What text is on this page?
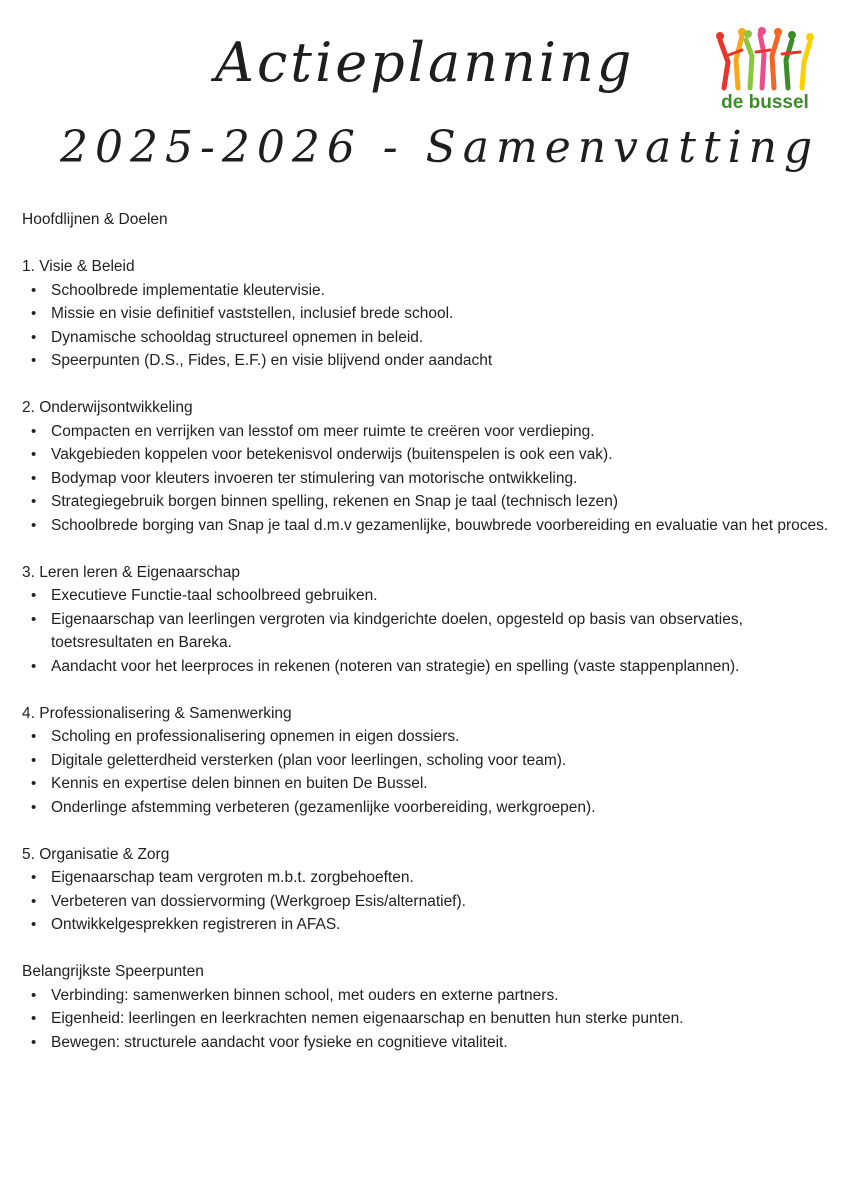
Actieplanning
2025-2026 - Samenvatting
de bussel

Hoofdlijnen & Doelen

1. Visie & Beleid

• Schoolbrede implementatie kleutervisie.
• Missie en visie definitief vaststellen, inclusief brede school.
• Dynamische schooldag structureel opnemen in beleid.
• Speerpunten (D.S., Fides, E.F.) en visie blijvend onder aandacht

2. Onderwijsontwikkeling

• Compacten en verrijken van lesstof om meer ruimte te creëren voor verdieping.
• Vakgebieden koppelen voor betekenisvol onderwijs (buitenspelen is ook een vak).
• Bodymap voor kleuters invoeren ter stimulering van motorische ontwikkeling.
• Strategiegebruik borgen binnen spelling, rekenen en Snap je taal (technisch lezen)
• Schoolbrede borging van Snap je taal d.m.v gezamenlijke, bouwbrede voorbereiding en evaluatie van het proces.

3. Leren leren & Eigenaarschap

• Executieve Functie-taal schoolbreed gebruiken.
• Eigenaarschap van leerlingen vergroten via kindgerichte doelen, opgesteld op basis van observaties, toetsresultaten en Bareka.
• Aandacht voor het leerproces in rekenen (noteren van strategie) en spelling (vaste stappenplannen).

4. Professionalisering & Samenwerking

• Scholing en professionalisering opnemen in eigen dossiers.
• Digitale geletterdheid versterken (plan voor leerlingen, scholing voor team).
• Kennis en expertise delen binnen en buiten De Bussel.
• Onderlinge afstemming verbeteren (gezamenlijke voorbereiding, werkgroepen).

5. Organisatie & Zorg

• Eigenaarschap team vergroten m.b.t. zorgbehoeften.
• Verbeteren van dossiervorming (Werkgroep Esis/alternatief).
• Ontwikkelgesprekken registreren in AFAS.

Belangrijkste Speerpunten

• Verbinding: samenwerken binnen school, met ouders en externe partners.
• Eigenheid: leerlingen en leerkrachten nemen eigenaarschap en benutten hun sterke punten.
• Bewegen: structurele aandacht voor fysieke en cognitieve vitaliteit.
